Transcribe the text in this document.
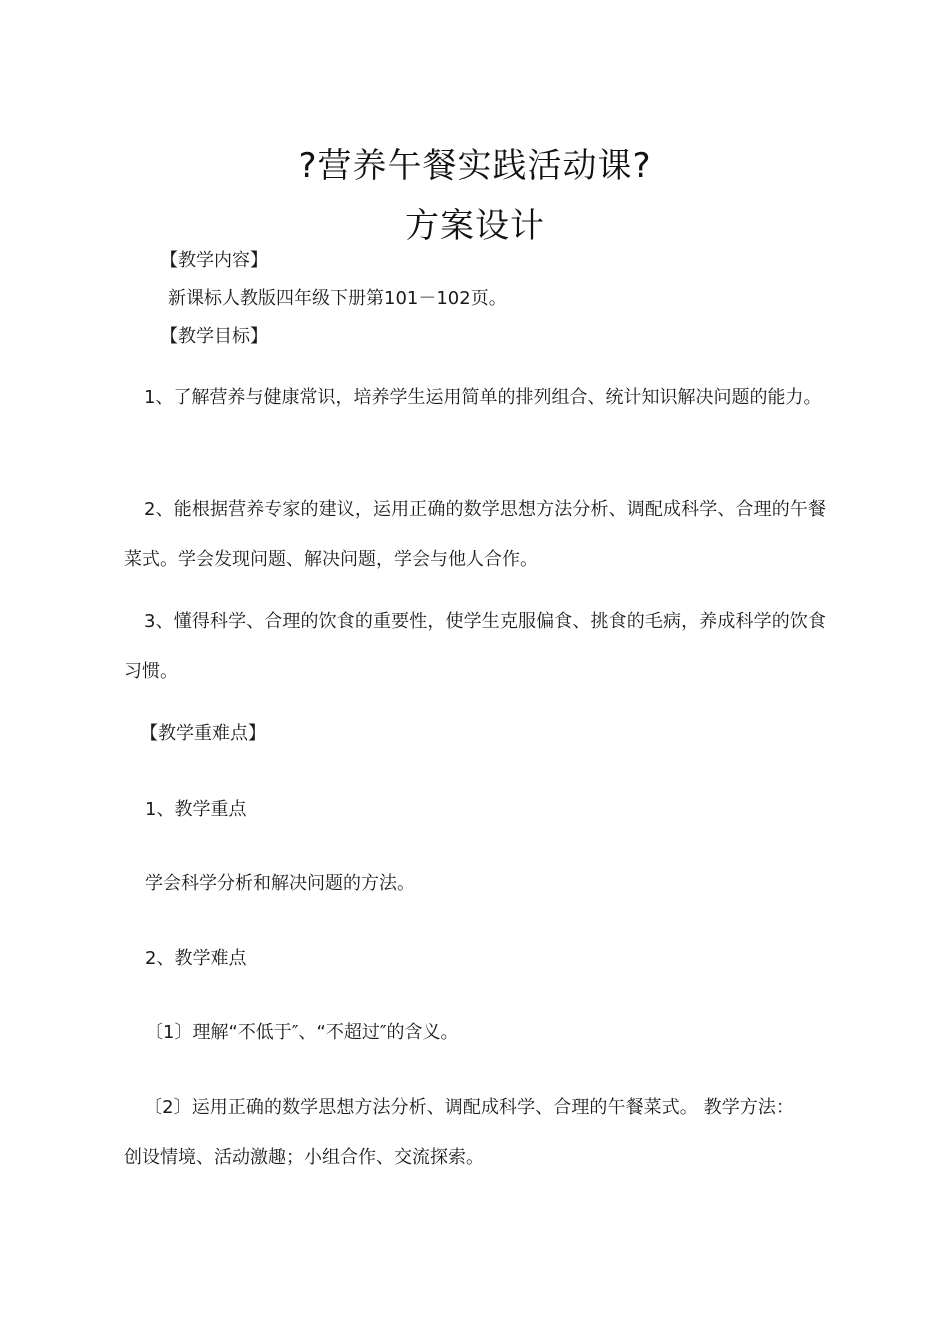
?营养午餐实践活动课?
方案设计
【教学内容】
新课标人教版四年级下册第101－102页。
【教学目标】
1、了解营养与健康常识，培养学生运用简单的排列组合、统计知识解决问题的能力。
2、能根据营养专家的建议，运用正确的数学思想方法分析、调配成科学、合理的午餐菜式。学会发现问题、解决问题，学会与他人合作。
3、懂得科学、合理的饮食的重要性，使学生克服偏食、挑食的毛病，养成科学的饮食习惯。
【教学重难点】
1、教学重点
学会科学分析和解决问题的方法。
2、教学难点
〔1〕理解“不低于″、“不超过″的含义。
〔2〕运用正确的数学思想方法分析、调配成科学、合理的午餐菜式。 教学方法： 创设情境、活动激趣；小组合作、交流探索。
